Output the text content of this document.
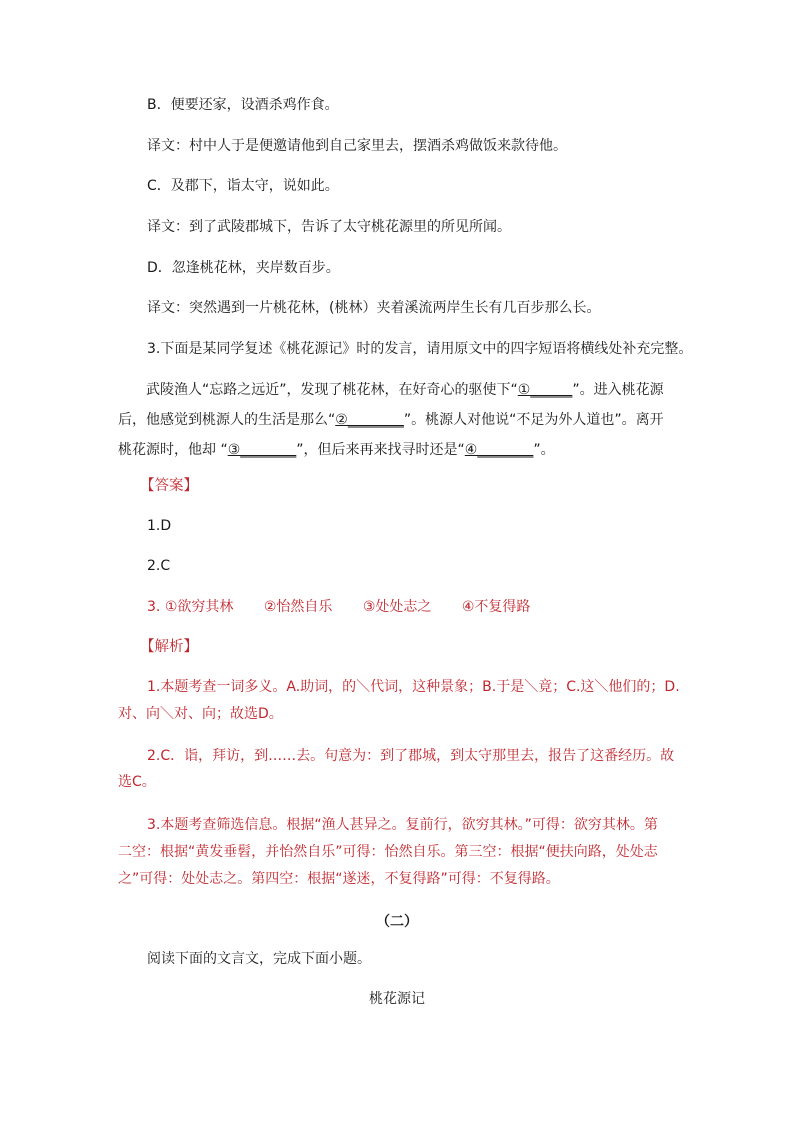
B．便要还家，设酒杀鸡作食。
译文：村中人于是便邀请他到自己家里去，摆酒杀鸡做饭来款待他。
C．及郡下，诣太守，说如此。
译文：到了武陵郡城下，告诉了太守桃花源里的所见所闻。
D．忽逢桃花林，夹岸数百步。
译文：突然遇到一片桃花林，(桃林）夹着溪流两岸生长有几百步那么长。
3.下面是某同学复述《桃花源记》时的发言，请用原文中的四字短语将横线处补充完整。
武陵渔人“忘路之远近”，发现了桃花林，在好奇心的驱使下“①______”。进入桃花源
后，他感觉到桃源人的生活是那么“②________”。桃源人对他说“不足为外人道也”。离开
桃花源时，他却 “③________”，但后来再来找寻时还是“④________”。
【答案】
1.D
2.C
3. ①欲穷其林 ②怡然自乐 ③处处志之 ④不复得路
【解析】
1.本题考查一词多义。A.助词，的＼代词，这种景象；B.于是＼竟；C.这＼他们的；D.
对、向＼对、向；故选D。
2.C．诣，拜访，到……去。句意为：到了郡城，到太守那里去，报告了这番经历。故
选C。
3.本题考查筛选信息。根据“渔人甚异之。复前行，欲穷其林。”可得：欲穷其林。第
二空：根据“黄发垂髫，并怡然自乐”可得：怡然自乐。第三空：根据“便扶向路，处处志
之”可得：处处志之。第四空：根据“遂迷，不复得路”可得：不复得路。
（二）
阅读下面的文言文，完成下面小题。
桃花源记
